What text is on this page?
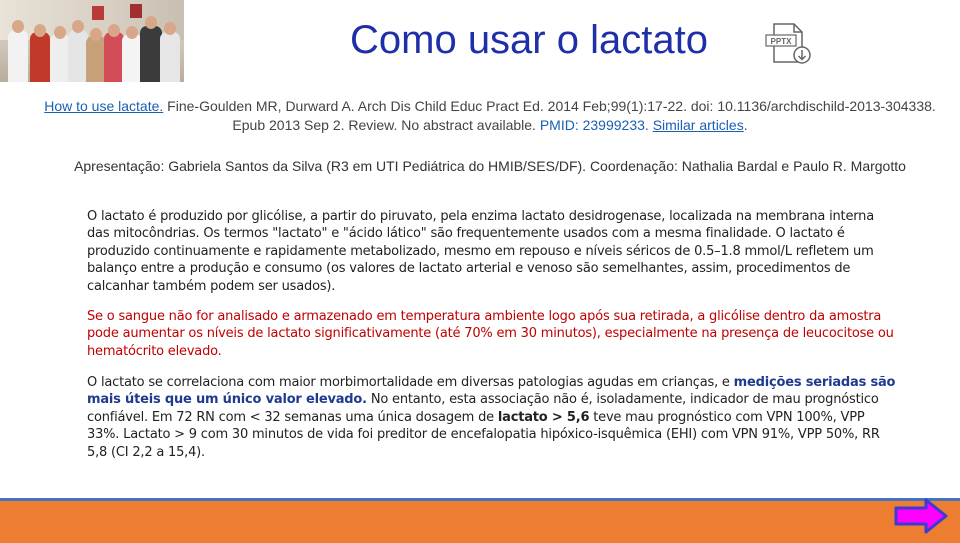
Como usar o lactato	PPTX
How to use lactate. Fine-Goulden MR, Durward A. Arch Dis Child Educ Pract Ed. 2014 Feb;99(1):17-22. doi: 10.1136/archdischild-2013-304338. Epub 2013 Sep 2. Review. No abstract available. PMID: 23999233. Similar articles.
Apresentação: Gabriela Santos da Silva (R3 em UTI Pediátrica do HMIB/SES/DF). Coordenação: Nathalia Bardal e Paulo R. Margotto

O lactato é produzido por glicólise, a partir do piruvato, pela enzima lactato desidrogenase, localizada na membrana interna das mitocôndrias. Os termos "lactato" e "ácido lático" são frequentemente usados com a mesma finalidade. O lactato é produzido continuamente e rapidamente metabolizado, mesmo em repouso e níveis séricos de 0.5–1.8 mmol/L refletem um balanço entre a produção e consumo (os valores de lactato arterial e venoso são semelhantes, assim, procedimentos de calcanhar também podem ser usados).

Se o sangue não for analisado e armazenado em temperatura ambiente logo após sua retirada, a glicólise dentro da amostra pode aumentar os níveis de lactato significativamente (até 70% em 30 minutos), especialmente na presença de leucocitose ou hematócrito elevado.

O lactato se correlaciona com maior morbimortalidade em diversas patologias agudas em crianças, e medições seriadas são mais úteis que um único valor elevado. No entanto, esta associação não é, isoladamente, indicador de mau prognóstico confiável. Em 72 RN com < 32 semanas uma única dosagem de lactato > 5,6 teve mau prognóstico com VPN 100%, VPP 33%. Lactato > 9 com 30 minutos de vida foi preditor de encefalopatia hipóxico-isquêmica (EHI) com VPN 91%, VPP 50%, RR 5,8 (CI 2,2 a 15,4).
